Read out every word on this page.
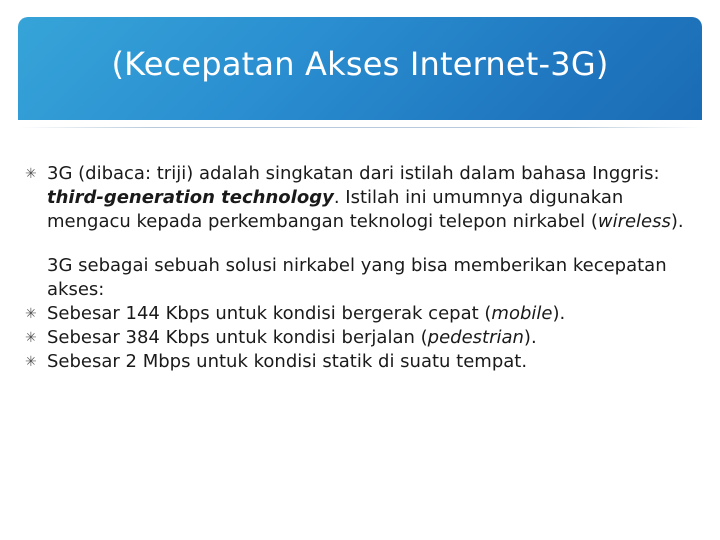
(Kecepatan Akses Internet-3G)
✳ 3G (dibaca: triji) adalah singkatan dari istilah dalam bahasa Inggris: third-generation technology. Istilah ini umumnya digunakan mengacu kepada perkembangan teknologi telepon nirkabel (wireless).
3G sebagai sebuah solusi nirkabel yang bisa memberikan kecepatan akses:
✳ Sebesar 144 Kbps untuk kondisi bergerak cepat (mobile).
✳ Sebesar 384 Kbps untuk kondisi berjalan (pedestrian).
✳ Sebesar 2 Mbps untuk kondisi statik di suatu tempat.
